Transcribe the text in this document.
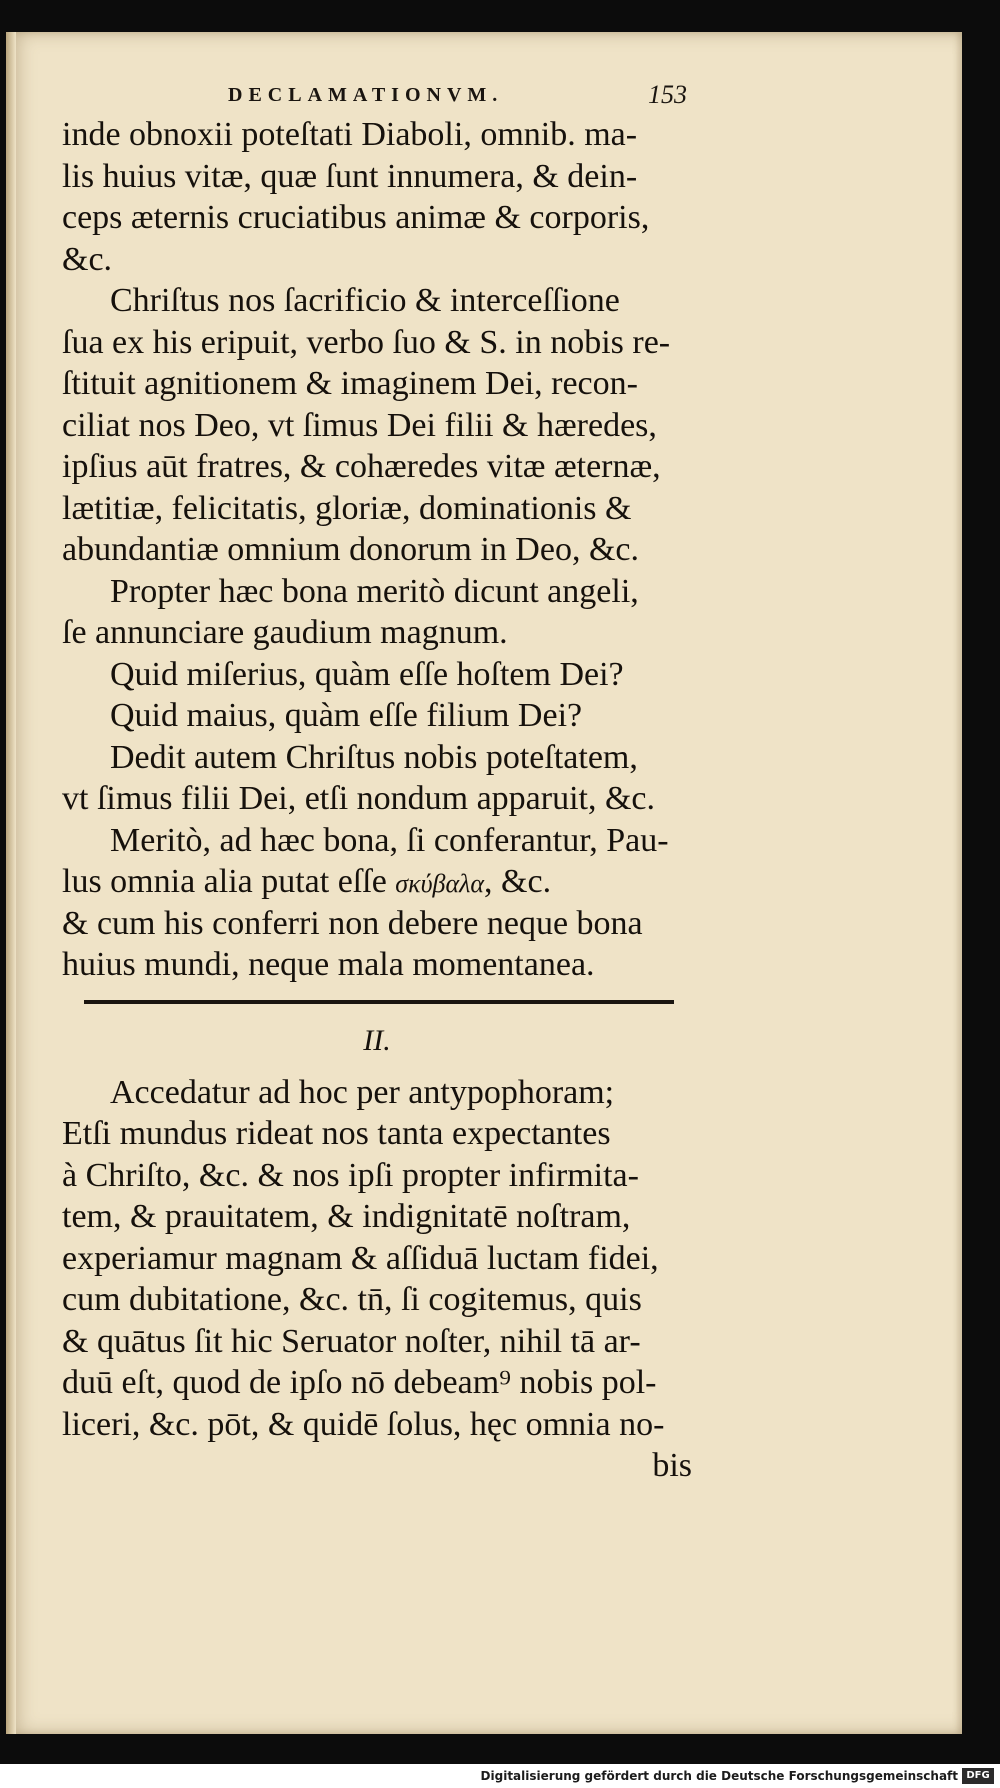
DECLAMATIONVM.	153
inde obnoxii poteſtati Diaboli, omnib. ma-
lis huius vitæ, quæ ſunt innumera, & dein-
ceps æternis cruciatibus animæ & corporis,
&c.
Chriſtus nos ſacrificio & interceſſione
ſua ex his eripuit, verbo ſuo & S. in nobis re-
ſtituit agnitionem & imaginem Dei, recon-
ciliat nos Deo, vt ſimus Dei filii & hæredes,
ipſius aūt fratres, & cohæredes vitæ æternæ,
lætitiæ, felicitatis, gloriæ, dominationis &
abundantiæ omnium donorum in Deo, &c.
Propter hæc bona meritò dicunt angeli,
ſe annunciare gaudium magnum.
Quid miſerius, quàm eſſe hoſtem Dei?
Quid maius, quàm eſſe filium Dei?
Dedit autem Chriſtus nobis poteſtatem,
vt ſimus filii Dei, etſi nondum apparuit, &c.
Meritò, ad hæc bona, ſi conferantur, Pau-
lus omnia alia putat eſſe σκύβαλα, &c.
& cum his conferri non debere neque bona
huius mundi, neque mala momentanea.
II.
Accedatur ad hoc per antypophoram;
Etſi mundus rideat nos tanta expectantes
à Chriſto, &c. & nos ipſi propter infirmita-
tem, & prauitatem, & indignitatē noſtram,
experiamur magnam & aſſiduā luctam fidei,
cum dubitatione, &c. tn̄, ſi cogitemus, quis
& quātus ſit hic Seruator noſter, nihil tā ar-
duū eſt, quod de ipſo nō debeam⁹ nobis pol-
liceri, &c. pōt, & quidē ſolus, hęc omnia no-
bis
Digitalisierung gefördert durch die Deutsche Forschungsgemeinschaft DFG
